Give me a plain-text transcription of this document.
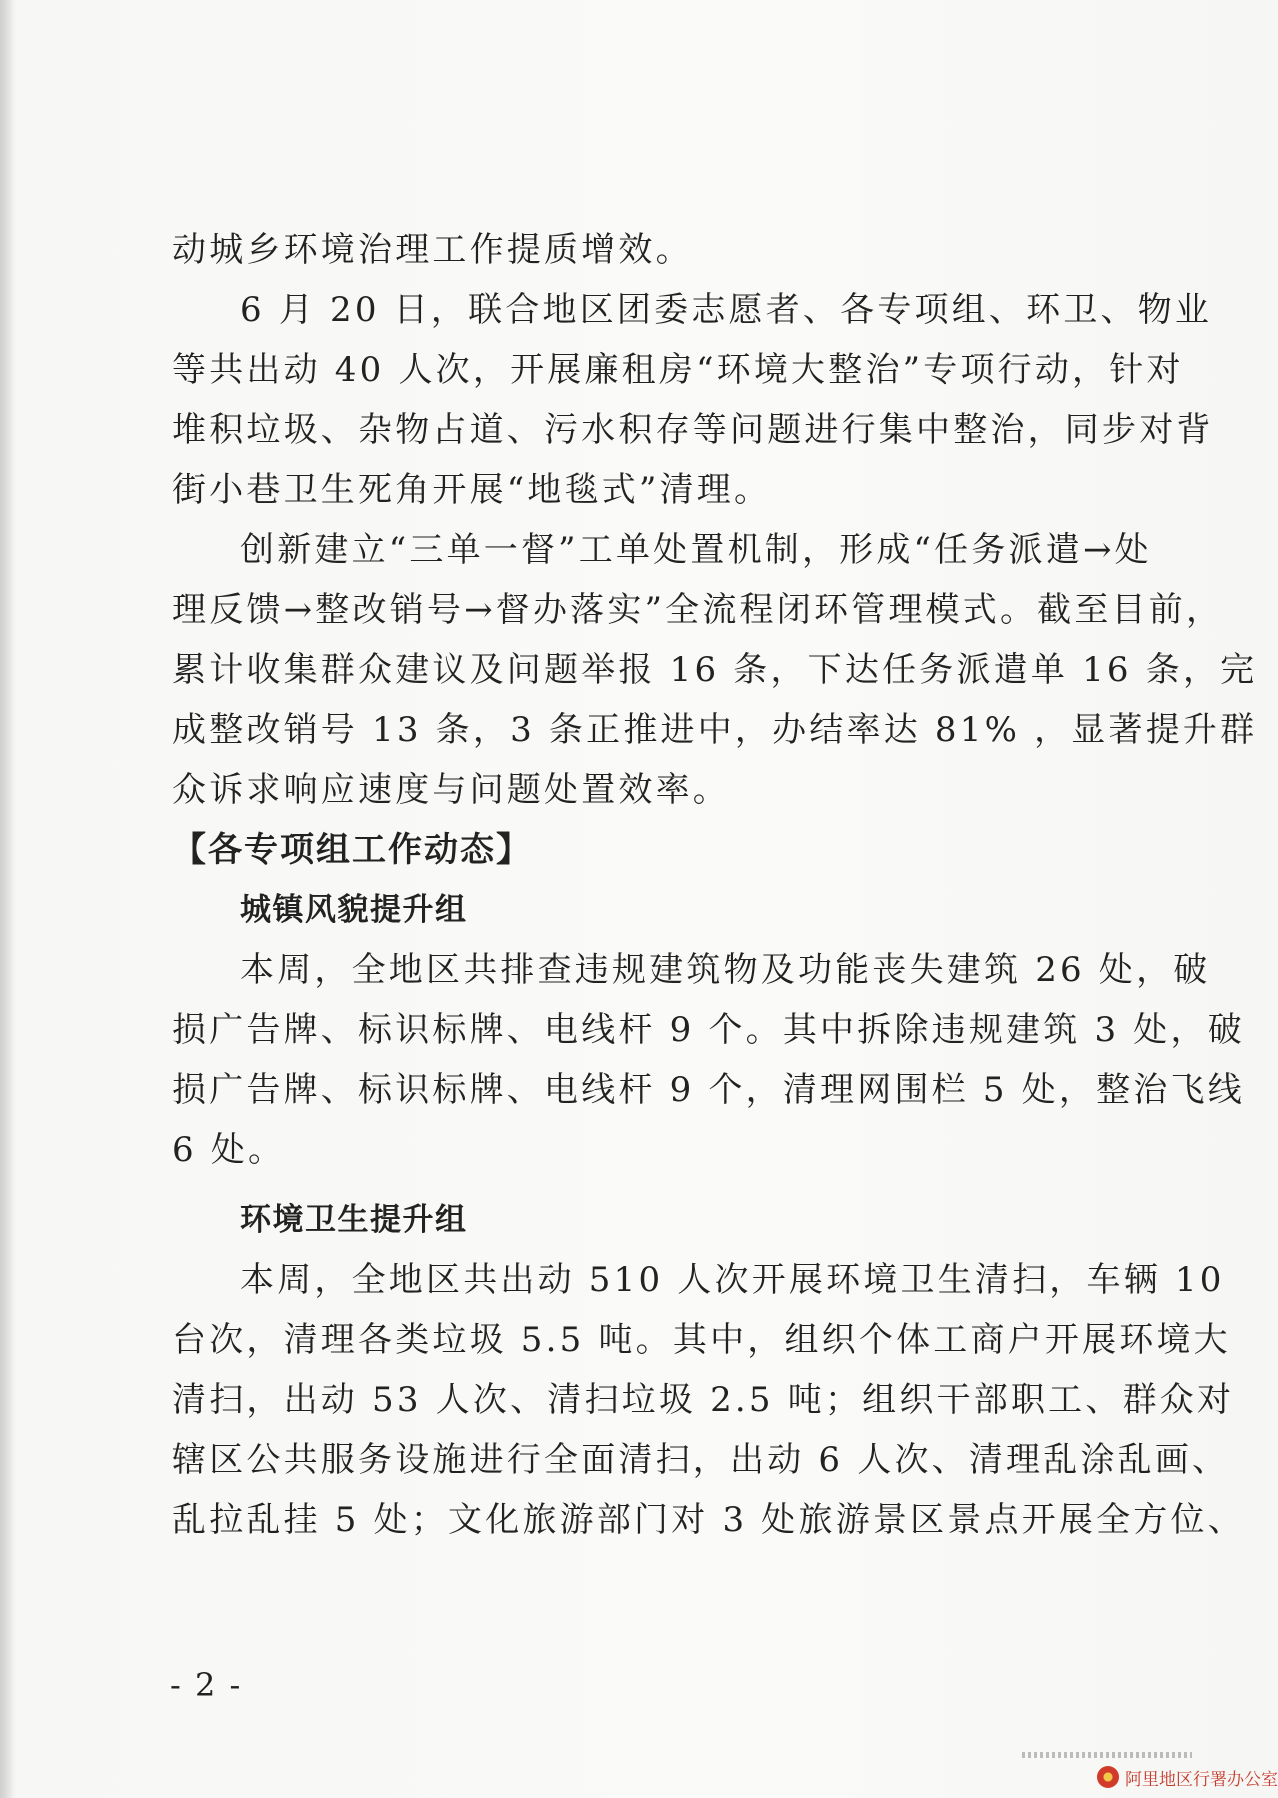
动城乡环境治理工作提质增效。

6 月 20 日，联合地区团委志愿者、各专项组、环卫、物业

等共出动 40 人次，开展廉租房“环境大整治”专项行动，针对

堆积垃圾、杂物占道、污水积存等问题进行集中整治，同步对背

街小巷卫生死角开展“地毯式”清理。

创新建立“三单一督”工单处置机制，形成“任务派遣→处

理反馈→整改销号→督办落实”全流程闭环管理模式。截至目前，

累计收集群众建议及问题举报 16 条，下达任务派遣单 16 条，完

成整改销号 13 条，3 条正推进中，办结率达 81% ，显著提升群

众诉求响应速度与问题处置效率。

【各专项组工作动态】

城镇风貌提升组

本周，全地区共排查违规建筑物及功能丧失建筑 26 处，破

损广告牌、标识标牌、电线杆 9 个。其中拆除违规建筑 3 处，破

损广告牌、标识标牌、电线杆 9 个，清理网围栏 5 处，整治飞线

6 处。

环境卫生提升组

本周，全地区共出动 510 人次开展环境卫生清扫，车辆 10

台次，清理各类垃圾 5.5 吨。其中，组织个体工商户开展环境大

清扫，出动 53 人次、清扫垃圾 2.5 吨；组织干部职工、群众对

辖区公共服务设施进行全面清扫，出动 6 人次、清理乱涂乱画、

乱拉乱挂 5 处；文化旅游部门对 3 处旅游景区景点开展全方位、

- 2 -
阿里地区行署办公室
